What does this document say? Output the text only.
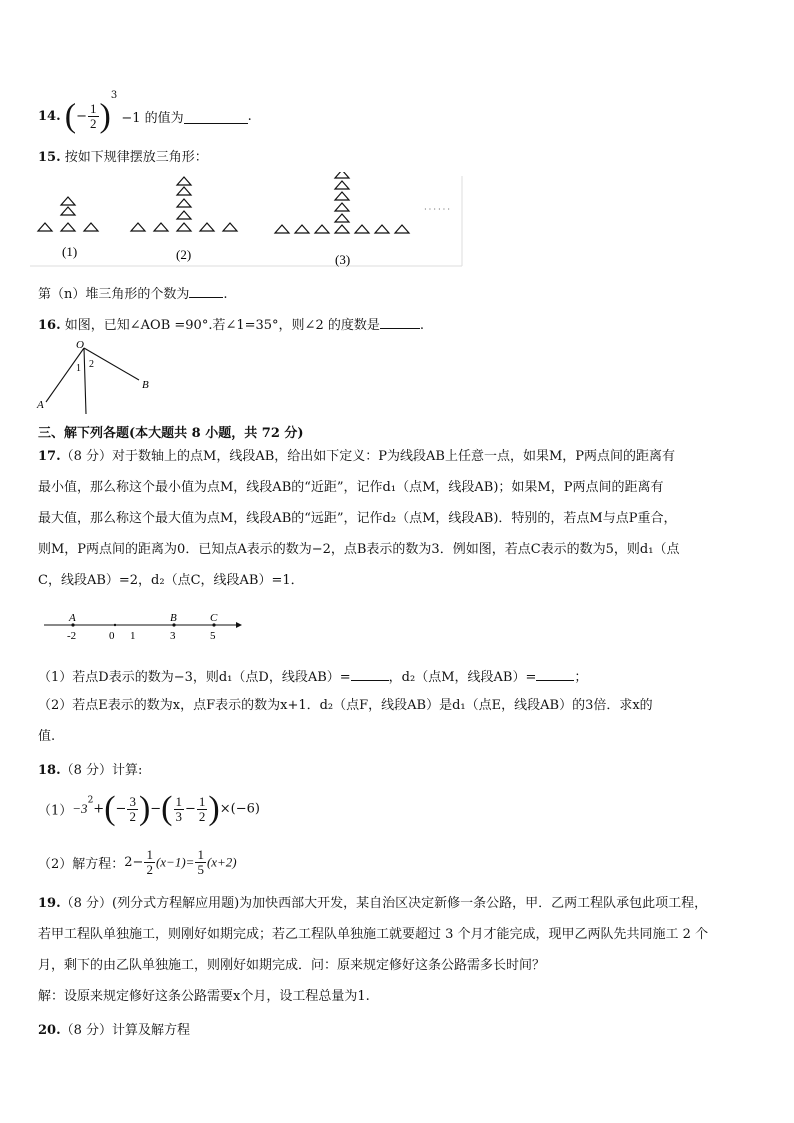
14. (− $\frac{1}{2} )^3 -1$ 的值为	.
15. 按如下规律摆放三角形：
(1)	(2)	(3)
· · · · · ·
第（n）堆三角形的个数为	.
16. 如图，已知∠AOB =90°.若∠1=35°，则∠2 的度数是	.
O
A
B
1 2
三、解下列各题(本大题共 8 小题，共 72 分)
17.（8 分）对于数轴上的点M，线段AB，给出如下定义：P为线段AB上任意一点，如果M，P两点间的距离有
最小值，那么称这个最小值为点M，线段AB的“近距”，记作d₁（点M，线段AB)；如果M，P两点间的距离有
最大值，那么称这个最大值为点M，线段AB的“远距”，记作d₂（点M，线段AB)．特别的，若点M与点P重合，
则M，P两点间的距离为0．已知点A表示的数为−2，点B表示的数为3．例如图，若点C表示的数为5，则d₁（点
C，线段AB）=2，d₂（点C，线段AB）=1．
A	B	C
-2	0 1	3	5
（1）若点D表示的数为−3，则d₁（点D，线段AB）=	，d₂（点M，线段AB）=	；
（2）若点E表示的数为x，点F表示的数为x+1．d₂（点F，线段AB）是d₁（点E，线段AB）的3倍．求x的
值.
18.（8 分）计算:
$(1)-3^2+(- \frac{3}{2}$ )−( $\frac{1}{3} - \frac{1}{2} )\times(-6)$
（2）解方程：$2- \frac{1}{2} (x-1)= \frac{1}{5} (x+2)$
19.（8 分）(列分式方程解应用题)为加快西部大开发，某自治区决定新修一条公路，甲．乙两工程队承包此项工程，
若甲工程队单独施工，则刚好如期完成；若乙工程队单独施工就要超过 3 个月才能完成，现甲乙两队先共同施工 2 个
月，剩下的由乙队单独施工，则刚好如期完成．问：原来规定修好这条公路需多长时间？
解：设原来规定修好这条公路需要x个月，设工程总量为1.
20.（8 分）计算及解方程
